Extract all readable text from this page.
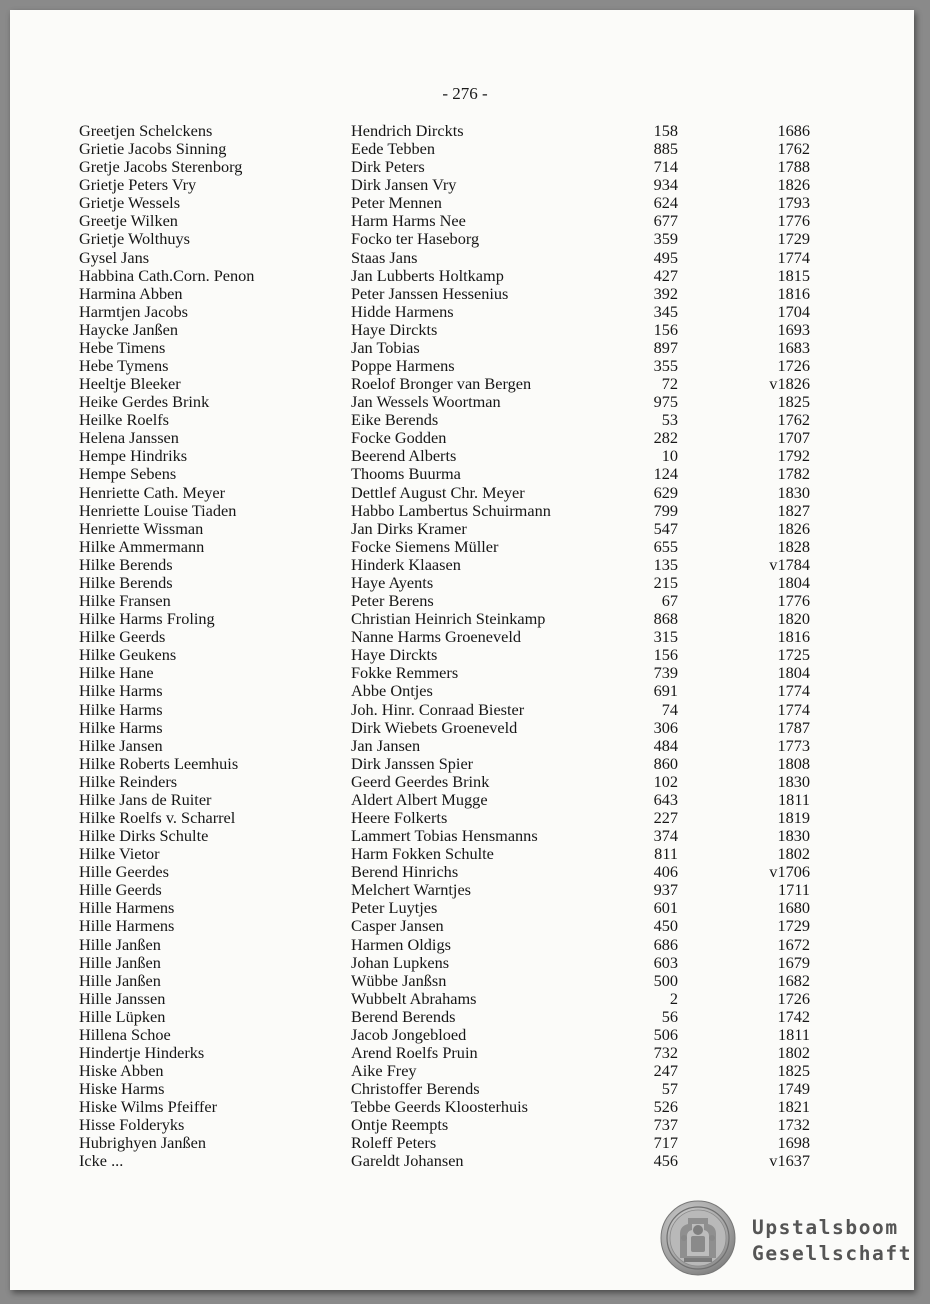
- 276 -
Greetjen Schelckens	Hendrich Dirckts	158	1686
Grietie Jacobs Sinning	Eede Tebben	885	1762
Gretje Jacobs Sterenborg	Dirk Peters	714	1788
Grietje Peters Vry	Dirk Jansen Vry	934	1826
Grietje Wessels	Peter Mennen	624	1793
Greetje Wilken	Harm Harms Nee	677	1776
Grietje Wolthuys	Focko ter Haseborg	359	1729
Gysel Jans	Staas Jans	495	1774
Habbina Cath.Corn. Penon	Jan Lubberts Holtkamp	427	1815
Harmina Abben	Peter Janssen Hessenius	392	1816
Harmtjen Jacobs	Hidde Harmens	345	1704
Haycke Janßen	Haye Dirckts	156	1693
Hebe Timens	Jan Tobias	897	1683
Hebe Tymens	Poppe Harmens	355	1726
Heeltje Bleeker	Roelof Bronger van Bergen	72	v1826
Heike Gerdes Brink	Jan Wessels Woortman	975	1825
Heilke Roelfs	Eike Berends	53	1762
Helena Janssen	Focke Godden	282	1707
Hempe Hindriks	Beerend Alberts	10	1792
Hempe Sebens	Thooms Buurma	124	1782
Henriette Cath. Meyer	Dettlef August Chr. Meyer	629	1830
Henriette Louise Tiaden	Habbo Lambertus Schuirmann	799	1827
Henriette Wissman	Jan Dirks Kramer	547	1826
Hilke Ammermann	Focke Siemens Müller	655	1828
Hilke Berends	Hinderk Klaasen	135	v1784
Hilke Berends	Haye Ayents	215	1804
Hilke Fransen	Peter Berens	67	1776
Hilke Harms Froling	Christian Heinrich Steinkamp	868	1820
Hilke Geerds	Nanne Harms Groeneveld	315	1816
Hilke Geukens	Haye Dirckts	156	1725
Hilke Hane	Fokke Remmers	739	1804
Hilke Harms	Abbe Ontjes	691	1774
Hilke Harms	Joh. Hinr. Conraad Biester	74	1774
Hilke Harms	Dirk Wiebets Groeneveld	306	1787
Hilke Jansen	Jan Jansen	484	1773
Hilke Roberts Leemhuis	Dirk Janssen Spier	860	1808
Hilke Reinders	Geerd Geerdes Brink	102	1830
Hilke Jans de Ruiter	Aldert Albert Mugge	643	1811
Hilke Roelfs v. Scharrel	Heere Folkerts	227	1819
Hilke Dirks Schulte	Lammert Tobias Hensmanns	374	1830
Hilke Vietor	Harm Fokken Schulte	811	1802
Hille Geerdes	Berend Hinrichs	406	v1706
Hille Geerds	Melchert Warntjes	937	1711
Hille Harmens	Peter Luytjes	601	1680
Hille Harmens	Casper Jansen	450	1729
Hille Janßen	Harmen Oldigs	686	1672
Hille Janßen	Johan Lupkens	603	1679
Hille Janßen	Wübbe Janßsn	500	1682
Hille Janssen	Wubbelt Abrahams	2	1726
Hille Lüpken	Berend Berends	56	1742
Hillena Schoe	Jacob Jongebloed	506	1811
Hindertje Hinderks	Arend Roelfs Pruin	732	1802
Hiske Abben	Aike Frey	247	1825
Hiske Harms	Christoffer Berends	57	1749
Hiske Wilms Pfeiffer	Tebbe Geerds Kloosterhuis	526	1821
Hisse Folderyks	Ontje Reempts	737	1732
Hubrighyen Janßen	Roleff Peters	717	1698
Icke ...	Gareldt Johansen	456	v1637
Upstalsboom
Gesellschaft
